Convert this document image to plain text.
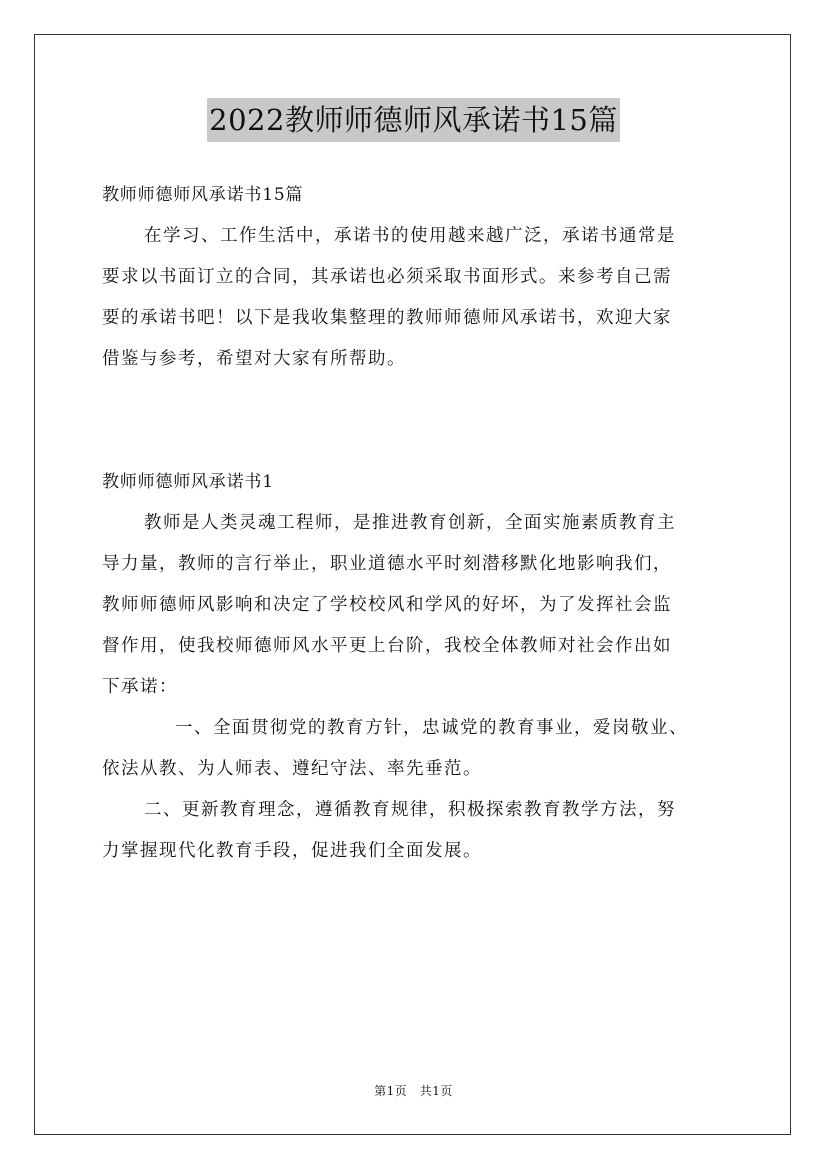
2022教师师德师风承诺书15篇
教师师德师风承诺书15篇
在学习、工作生活中，承诺书的使用越来越广泛，承诺书通常是
要求以书面订立的合同，其承诺也必须采取书面形式。来参考自己需
要的承诺书吧！以下是我收集整理的教师师德师风承诺书，欢迎大家
借鉴与参考，希望对大家有所帮助。
教师师德师风承诺书1
教师是人类灵魂工程师，是推进教育创新，全面实施素质教育主
导力量，教师的言行举止，职业道德水平时刻潜移默化地影响我们，
教师师德师风影响和决定了学校校风和学风的好坏，为了发挥社会监
督作用，使我校师德师风水平更上台阶，我校全体教师对社会作出如
下承诺：
一、全面贯彻党的教育方针，忠诚党的教育事业，爱岗敬业、
依法从教、为人师表、遵纪守法、率先垂范。
二、更新教育理念，遵循教育规律，积极探索教育教学方法，努
力掌握现代化教育手段，促进我们全面发展。
第1页　共1页
